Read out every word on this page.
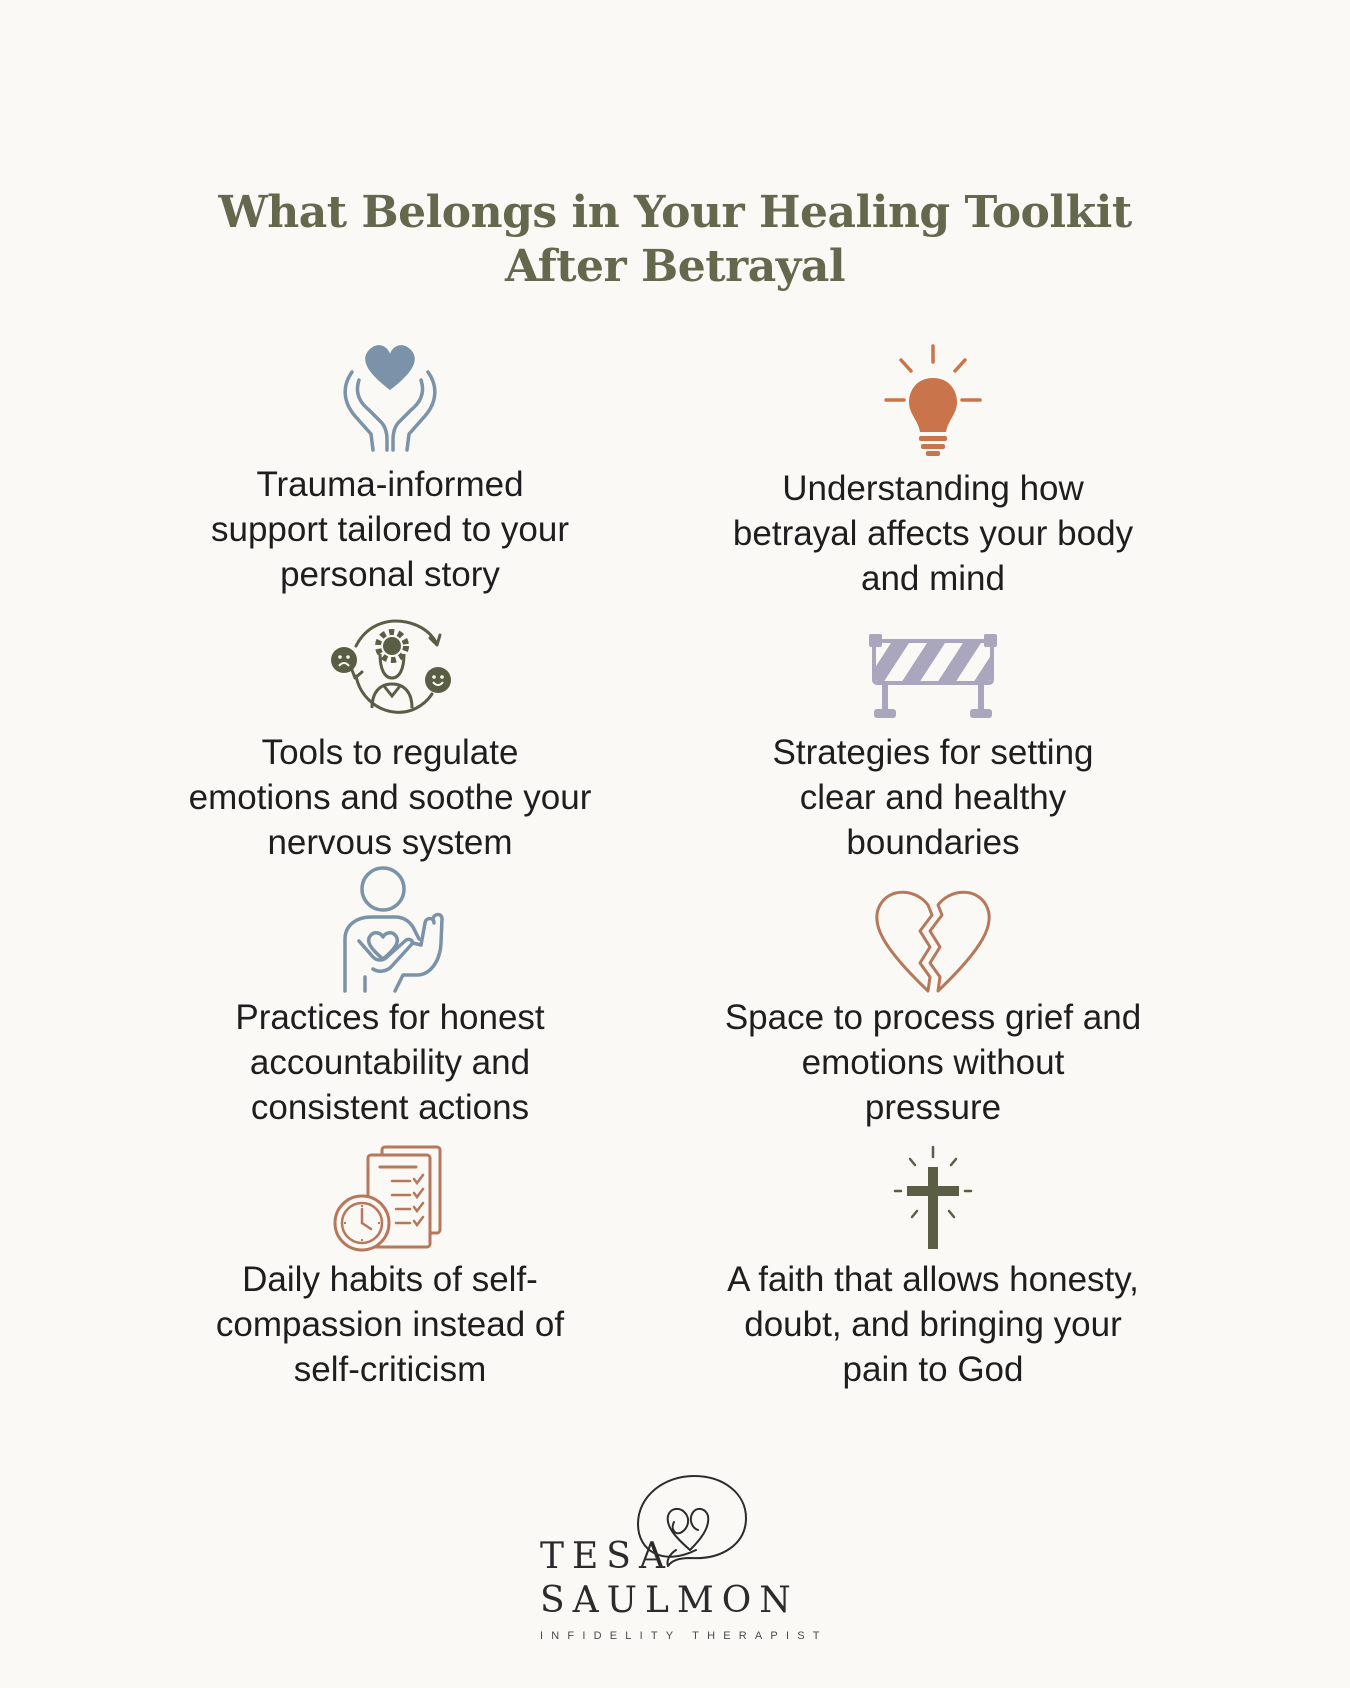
What Belongs in Your Healing Toolkit
After Betrayal
Trauma-informed
support tailored to your
personal story
Understanding how
betrayal affects your body
and mind
Tools to regulate
emotions and soothe your
nervous system
Strategies for setting
clear and healthy
boundaries
Practices for honest
accountability and
consistent actions
Space to process grief and
emotions without
pressure
Daily habits of self-
compassion instead of
self-criticism
A faith that allows honesty,
doubt, and bringing your
pain to God
TESA
SAULMON
INFIDELITY THERAPIST
